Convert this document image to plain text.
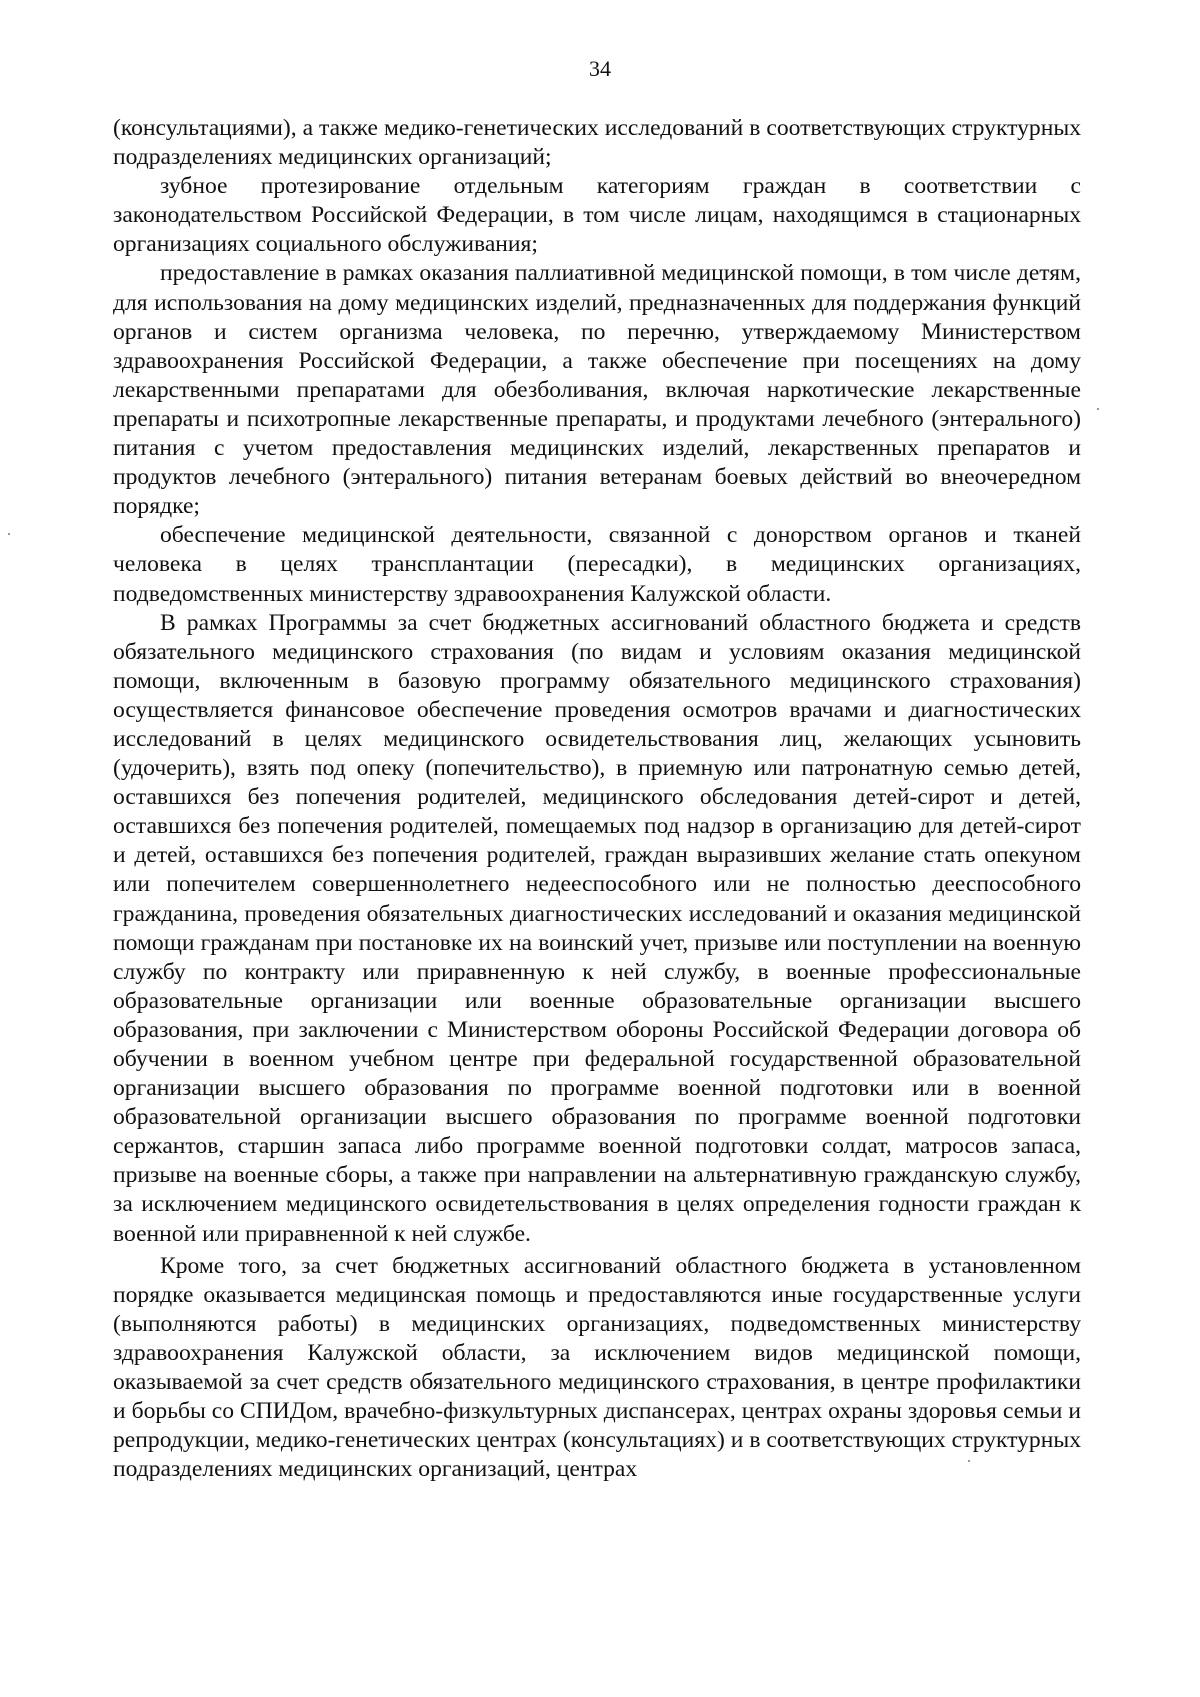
34

(консультациями), а также медико-генетических исследований в соответствующих структурных подразделениях медицинских организаций;

зубное протезирование отдельным категориям граждан в соответствии с законодательством Российской Федерации, в том числе лицам, находящимся в стационарных организациях социального обслуживания;

предоставление в рамках оказания паллиативной медицинской помощи, в том числе детям, для использования на дому медицинских изделий, предназначенных для поддержания функций органов и систем организма человека, по перечню, утверждаемому Министерством здравоохранения Российской Федерации, а также обеспечение при посещениях на дому лекарственными препаратами для обезболивания, включая наркотические лекарственные препараты и психотропные лекарственные препараты, и продуктами лечебного (энтерального) питания с учетом предоставления медицинских изделий, лекарственных препаратов и продуктов лечебного (энтерального) питания ветеранам боевых действий во внеочередном порядке;

обеспечение медицинской деятельности, связанной с донорством органов и тканей человека в целях трансплантации (пересадки), в медицинских организациях, подведомственных министерству здравоохранения Калужской области.

В рамках Программы за счет бюджетных ассигнований областного бюджета и средств обязательного медицинского страхования (по видам и условиям оказания медицинской помощи, включенным в базовую программу обязательного медицинского страхования) осуществляется финансовое обеспечение проведения осмотров врачами и диагностических исследований в целях медицинского освидетельствования лиц, желающих усыновить (удочерить), взять под опеку (попечительство), в приемную или патронатную семью детей, оставшихся без попечения родителей, медицинского обследования детей-сирот и детей, оставшихся без попечения родителей, помещаемых под надзор в организацию для детей-сирот и детей, оставшихся без попечения родителей, граждан выразивших желание стать опекуном или попечителем совершеннолетнего недееспособного или не полностью дееспособного гражданина, проведения обязательных диагностических исследований и оказания медицинской помощи гражданам при постановке их на воинский учет, призыве или поступлении на военную службу по контракту или приравненную к ней службу, в военные профессиональные образовательные организации или военные образовательные организации высшего образования, при заключении с Министерством обороны Российской Федерации договора об обучении в военном учебном центре при федеральной государственной образовательной организации высшего образования по программе военной подготовки или в военной образовательной организации высшего образования по программе военной подготовки сержантов, старшин запаса либо программе военной подготовки солдат, матросов запаса, призыве на военные сборы, а также при направлении на альтернативную гражданскую службу, за исключением медицинского освидетельствования в целях определения годности граждан к военной или приравненной к ней службе.

Кроме того, за счет бюджетных ассигнований областного бюджета в установленном порядке оказывается медицинская помощь и предоставляются иные государственные услуги (выполняются работы) в медицинских организациях, подведомственных министерству здравоохранения Калужской области, за исключением видов медицинской помощи, оказываемой за счет средств обязательного медицинского страхования, в центре профилактики и борьбы со СПИДом, врачебно-физкультурных диспансерах, центрах охраны здоровья семьи и репродукции, медико-генетических центрах (консультациях) и в соответствующих структурных подразделениях медицинских организаций, центрах
